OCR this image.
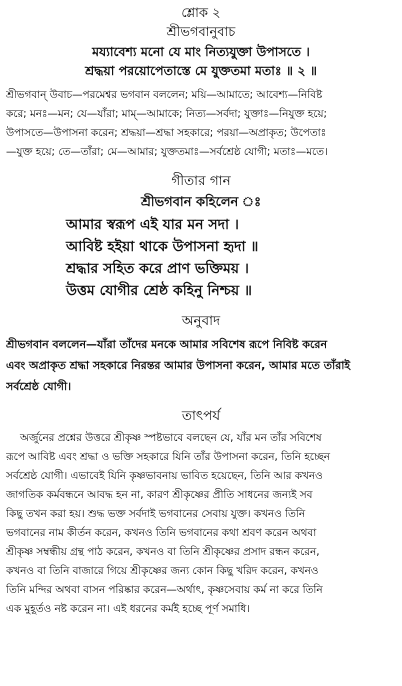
শ্লোক ২

শ্রীভগবানুবাচ

ময্যাবেশ্য মনো যে মাং নিত্যযুক্তা উপাসতে ।

শ্রদ্ধয়া পরয়োপেতাস্তে মে যুক্ততমা মতাঃ ॥ ২ ॥

শ্রীভগবান্‌ উবাচ—পরমেশ্বর ভগবান বললেন; ময়ি—আমাতে; আবেশ্য—নিবিষ্ট

করে; মনঃ—মন; যে—যাঁরা; মাম্‌—আমাকে; নিত্য—সর্বদা; যুক্তাঃ—নিযুক্ত হয়ে;

উপাসতে—উপাসনা করেন; শ্রদ্ধয়া—শ্রদ্ধা সহকারে; পরয়া—অপ্রাকৃত; উপেতাঃ

—যুক্ত হয়ে; তে—তাঁরা; মে—আমার; যুক্ততমাঃ—সর্বশ্রেষ্ঠ যোগী; মতাঃ—মতে।

গীতার গান

শ্রীভগবান কহিলেন ঃ

আমার স্বরূপ এই যার মন সদা ।

আবিষ্ট হইয়া থাকে উপাসনা হৃদা ॥

শ্রদ্ধার সহিত করে প্রাণ ভক্তিময় ।

উত্তম যোগীর শ্রেষ্ঠ কহিনু নিশ্চয় ॥

অনুবাদ

শ্রীভগবান বললেন—যাঁরা তাঁদের মনকে আমার সবিশেষ রূপে নিবিষ্ট করেন

এবং অপ্রাকৃত শ্রদ্ধা সহকারে নিরন্তর আমার উপাসনা করেন, আমার মতে তাঁরাই

সর্বশ্রেষ্ঠ যোগী।

তাৎপর্য

অর্জুনের প্রশ্নের উত্তরে শ্রীকৃষ্ণ স্পষ্টভাবে বলছেন যে, যাঁর মন তাঁর সবিশেষ

রূপে আবিষ্ট এবং শ্রদ্ধা ও ভক্তি সহকারে যিনি তাঁর উপাসনা করেন, তিনি হচ্ছেন

সর্বশ্রেষ্ঠ যোগী। এভাবেই যিনি কৃষ্ণভাবনায় ভাবিত হয়েছেন, তিনি আর কখনও

জাগতিক কর্মবন্ধনে আবদ্ধ হন না, কারণ শ্রীকৃষ্ণের প্রীতি সাধনের জন্যই সব

কিছু তখন করা হয়। শুদ্ধ ভক্ত সর্বদাই ভগবানের সেবায় যুক্ত। কখনও তিনি

ভগবানের নাম কীর্তন করেন, কখনও তিনি ভগবানের কথা শ্রবণ করেন অথবা

শ্রীকৃষ্ণ সম্বন্ধীয় গ্রন্থ পাঠ করেন, কখনও বা তিনি শ্রীকৃষ্ণের প্রসাদ রন্ধন করেন,

কখনও বা তিনি বাজারে গিয়ে শ্রীকৃষ্ণের জন্য কোন কিছু খরিদ করেন, কখনও

তিনি মন্দির অথবা বাসন পরিষ্কার করেন—অর্থাৎ, কৃষ্ণসেবায় কর্ম না করে তিনি

এক মুহূর্তও নষ্ট করেন না। এই ধরনের কর্মই হচ্ছে পূর্ণ সমাধি।
